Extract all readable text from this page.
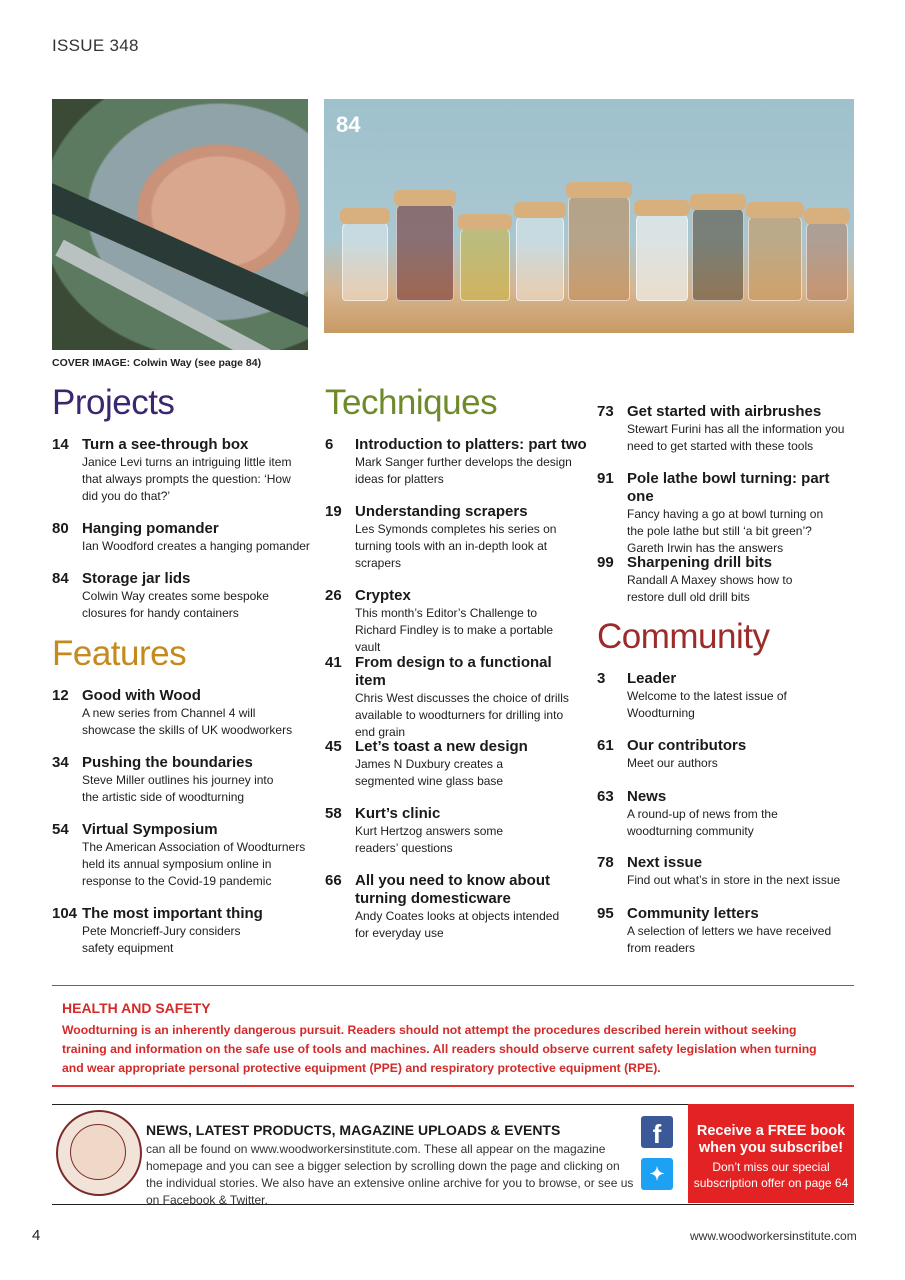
ISSUE 348
84
COVER IMAGE: Colwin Way (see page 84)
Projects
14 Turn a see-through box
Janice Levi turns an intriguing little item that always prompts the question: ‘How did you do that?’
80 Hanging pomander
Ian Woodford creates a hanging pomander
84 Storage jar lids
Colwin Way creates some bespoke closures for handy containers
Features
12 Good with Wood
A new series from Channel 4 will showcase the skills of UK woodworkers
34 Pushing the boundaries
Steve Miller outlines his journey into the artistic side of woodturning
54 Virtual Symposium
The American Association of Woodturners held its annual symposium online in response to the Covid-19 pandemic
104 The most important thing
Pete Moncrieff-Jury considers safety equipment
Techniques
6 Introduction to platters: part two
Mark Sanger further develops the design ideas for platters
19 Understanding scrapers
Les Symonds completes his series on turning tools with an in-depth look at scrapers
26 Cryptex
This month’s Editor’s Challenge to Richard Findley is to make a portable vault
41 From design to a functional item
Chris West discusses the choice of drills available to woodturners for drilling into end grain
45 Let’s toast a new design
James N Duxbury creates a segmented wine glass base
58 Kurt’s clinic
Kurt Hertzog answers some readers’ questions
66 All you need to know about turning domesticware
Andy Coates looks at objects intended for everyday use
73 Get started with airbrushes
Stewart Furini has all the information you need to get started with these tools
91 Pole lathe bowl turning: part one
Fancy having a go at bowl turning on the pole lathe but still ‘a bit green’? Gareth Irwin has the answers
99 Sharpening drill bits
Randall A Maxey shows how to restore dull old drill bits
Community
3 Leader
Welcome to the latest issue of Woodturning
61 Our contributors
Meet our authors
63 News
A round-up of news from the woodturning community
78 Next issue
Find out what’s in store in the next issue
95 Community letters
A selection of letters we have received from readers
HEALTH AND SAFETY
Woodturning is an inherently dangerous pursuit. Readers should not attempt the procedures described herein without seeking training and information on the safe use of tools and machines. All readers should observe current safety legislation when turning and wear appropriate personal protective equipment (PPE) and respiratory protective equipment (RPE).
NEWS, LATEST PRODUCTS, MAGAZINE UPLOADS & EVENTS
can all be found on www.woodworkersinstitute.com. These all appear on the magazine homepage and you can see a bigger selection by scrolling down the page and clicking on the individual stories. We also have an extensive online archive for you to browse, or see us on Facebook & Twitter.
f
✦
Receive a FREE book when you subscribe!
Don’t miss our special subscription offer on page 64
4	www.woodworkersinstitute.com
